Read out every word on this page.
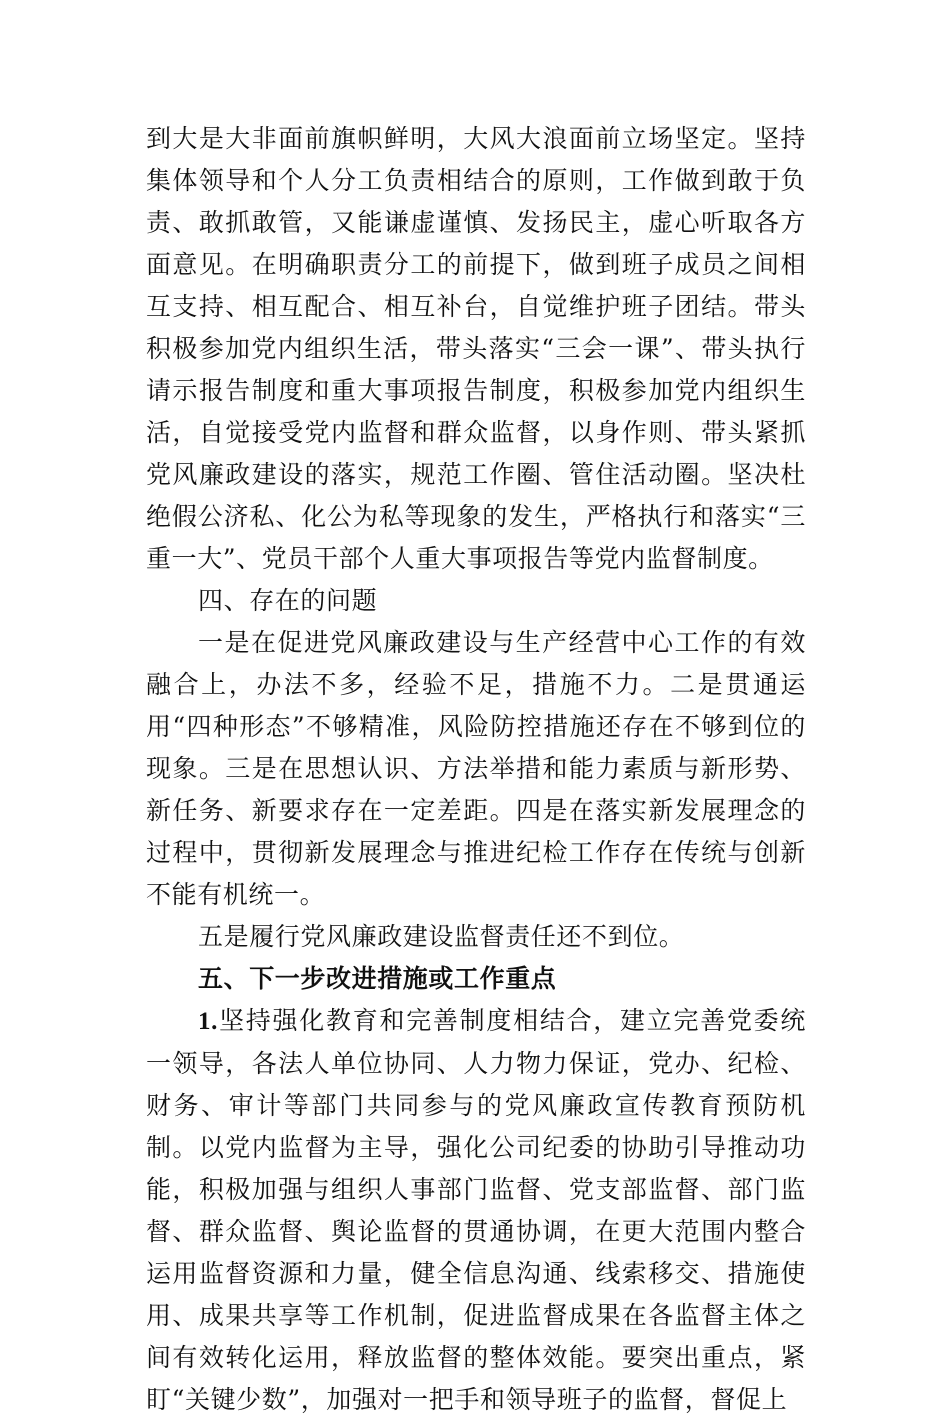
到大是大非面前旗帜鲜明，大风大浪面前立场坚定。坚持集体领导和个人分工负责相结合的原则，工作做到敢于负责、敢抓敢管，又能谦虚谨慎、发扬民主，虚心听取各方面意见。在明确职责分工的前提下，做到班子成员之间相互支持、相互配合、相互补台，自觉维护班子团结。带头积极参加党内组织生活，带头落实“三会一课”、带头执行请示报告制度和重大事项报告制度，积极参加党内组织生活，自觉接受党内监督和群众监督，以身作则、带头紧抓党风廉政建设的落实，规范工作圈、管住活动圈。坚决杜绝假公济私、化公为私等现象的发生，严格执行和落实“三重一大”、党员干部个人重大事项报告等党内监督制度。

四、存在的问题

一是在促进党风廉政建设与生产经营中心工作的有效融合上，办法不多，经验不足，措施不力。二是贯通运用“四种形态”不够精准，风险防控措施还存在不够到位的现象。三是在思想认识、方法举措和能力素质与新形势、新任务、新要求存在一定差距。四是在落实新发展理念的过程中，贯彻新发展理念与推进纪检工作存在传统与创新不能有机统一。

五是履行党风廉政建设监督责任还不到位。

五、下一步改进措施或工作重点

1.坚持强化教育和完善制度相结合，建立完善党委统一领导，各法人单位协同、人力物力保证，党办、纪检、财务、审计等部门共同参与的党风廉政宣传教育预防机制。以党内监督为主导，强化公司纪委的协助引导推动功能，积极加强与组织人事部门监督、党支部监督、部门监督、群众监督、舆论监督的贯通协调，在更大范围内整合运用监督资源和力量，健全信息沟通、线索移交、措施使用、成果共享等工作机制，促进监督成果在各监督主体之间有效转化运用，释放监督的整体效能。要突出重点，紧盯“关键少数”，加强对一把手和领导班子的监督，督促上
